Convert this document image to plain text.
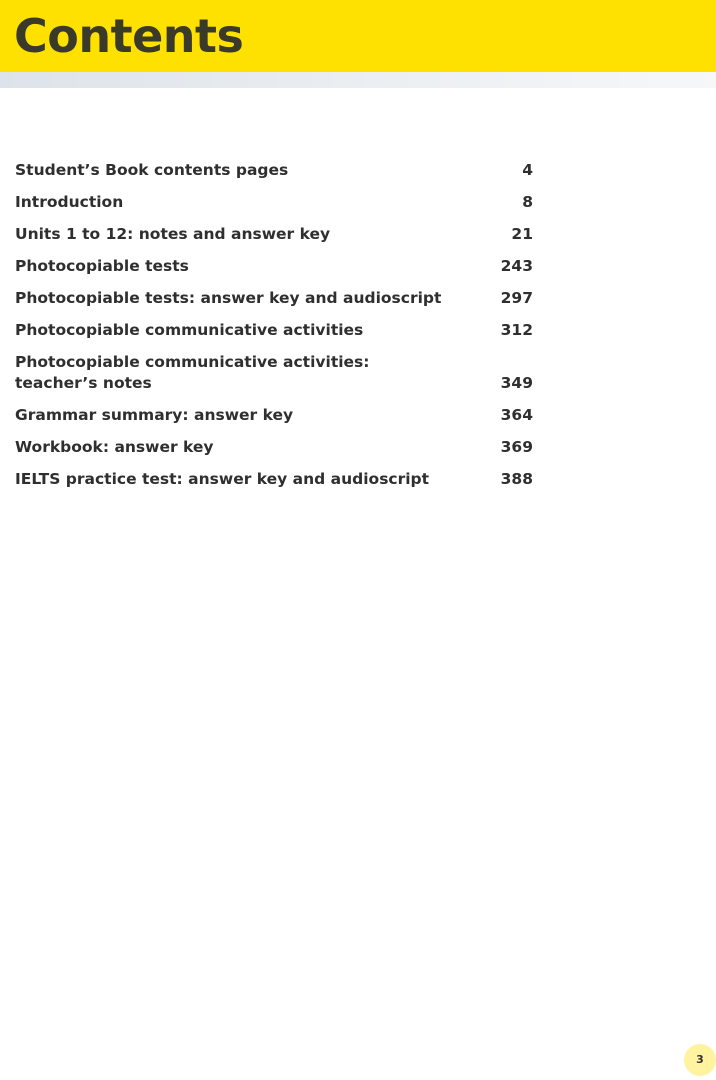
Contents
Student’s Book contents pages	4
Introduction	8
Units 1 to 12: notes and answer key	21
Photocopiable tests	243
Photocopiable tests: answer key and audioscript	297
Photocopiable communicative activities	312
Photocopiable communicative activities:
teacher’s notes	349
Grammar summary: answer key	364
Workbook: answer key	369
IELTS practice test: answer key and audioscript	388
3
